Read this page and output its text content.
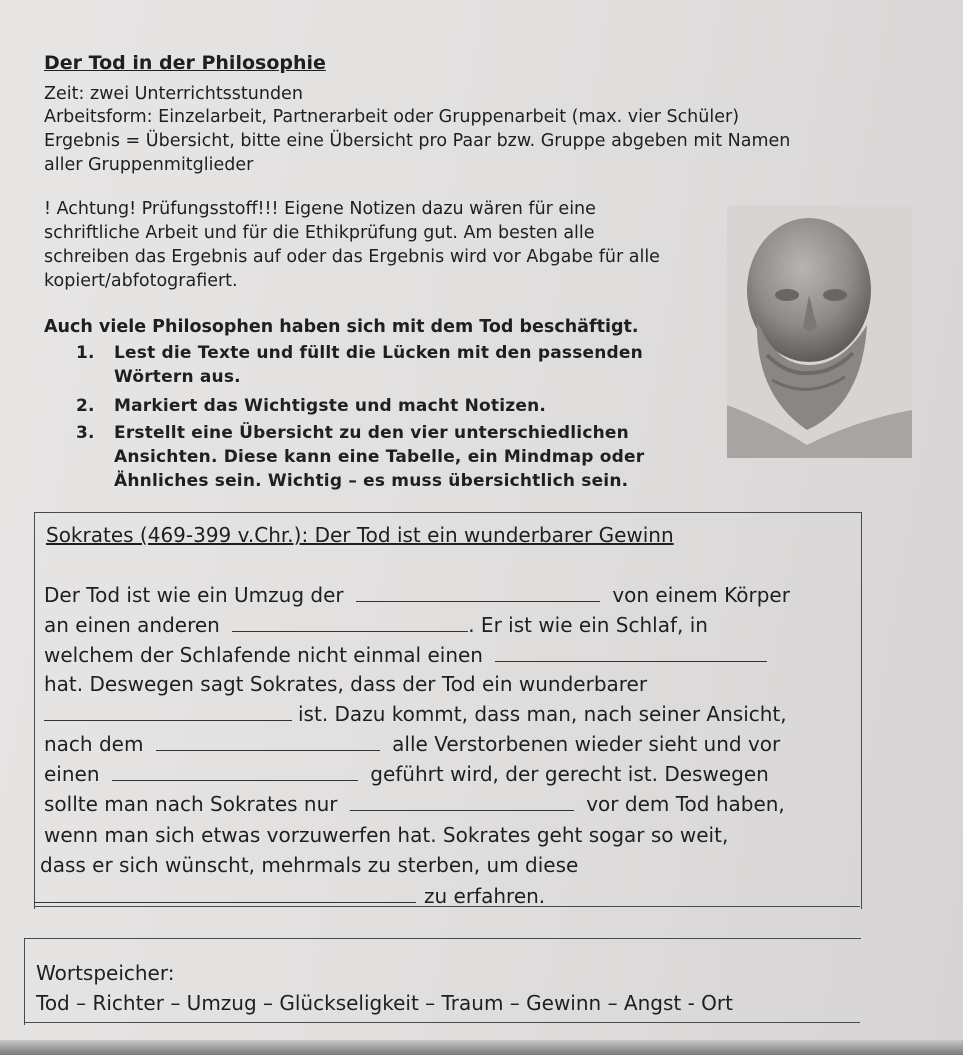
Der Tod in der Philosophie
Zeit: zwei Unterrichtsstunden
Arbeitsform: Einzelarbeit, Partnerarbeit oder Gruppenarbeit (max. vier Schüler)
Ergebnis = Übersicht, bitte eine Übersicht pro Paar bzw. Gruppe abgeben mit Namen
aller Gruppenmitglieder
! Achtung! Prüfungsstoff!!! Eigene Notizen dazu wären für eine
schriftliche Arbeit und für die Ethikprüfung gut. Am besten alle
schreiben das Ergebnis auf oder das Ergebnis wird vor Abgabe für alle
kopiert/abfotografiert.
Auch viele Philosophen haben sich mit dem Tod beschäftigt.
1. Lest die Texte und füllt die Lücken mit den passenden
Wörtern aus.
2. Markiert das Wichtigste und macht Notizen.
3. Erstellt eine Übersicht zu den vier unterschiedlichen
Ansichten. Diese kann eine Tabelle, ein Mindmap oder
Ähnliches sein. Wichtig – es muss übersichtlich sein.
Sokrates (469-399 v.Chr.): Der Tod ist ein wunderbarer Gewinn
Der Tod ist wie ein Umzug der	von einem Körper
an einen anderen	. Er ist wie ein Schlaf, in
welchem der Schlafende nicht einmal einen
hat. Deswegen sagt Sokrates, dass der Tod ein wunderbarer
ist. Dazu kommt, dass man, nach seiner Ansicht,
nach dem	alle Verstorbenen wieder sieht und vor
einen	geführt wird, der gerecht ist. Deswegen
sollte man nach Sokrates nur	vor dem Tod haben,
wenn man sich etwas vorzuwerfen hat. Sokrates geht sogar so weit,
dass er sich wünscht, mehrmals zu sterben, um diese
zu erfahren.
Wortspeicher:
Tod – Richter – Umzug – Glückseligkeit – Traum – Gewinn – Angst - Ort
